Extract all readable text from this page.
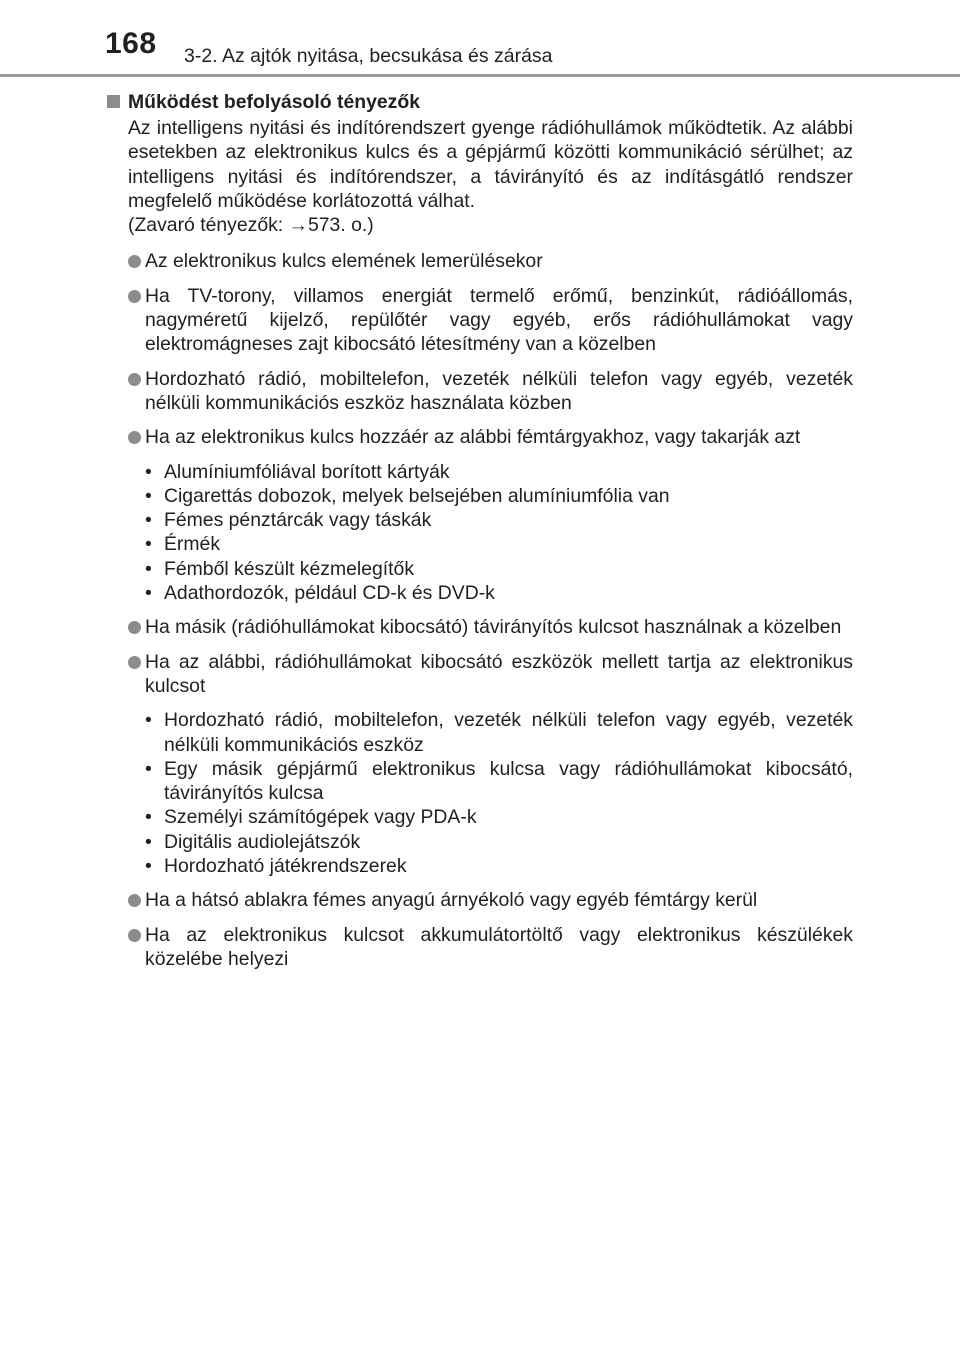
168 3-2. Az ajtók nyitása, becsukása és zárása
Működést befolyásoló tényezők

Az intelligens nyitási és indítórendszert gyenge rádióhullámok működtetik. Az alábbi esetekben az elektronikus kulcs és a gépjármű közötti kommunikáció sérülhet; az intelligens nyitási és indítórendszer, a távirányító és az indításgátló rendszer megfelelő működése korlátozottá válhat.

(Zavaró tényezők: →573. o.)

Az elektronikus kulcs elemének lemerülésekor
Ha TV-torony, villamos energiát termelő erőmű, benzinkút, rádióállomás, nagyméretű kijelző, repülőtér vagy egyéb, erős rádióhullámokat vagy elektromágneses zajt kibocsátó létesítmény van a közelben
Hordozható rádió, mobiltelefon, vezeték nélküli telefon vagy egyéb, vezeték nélküli kommunikációs eszköz használata közben
Ha az elektronikus kulcs hozzáér az alábbi fémtárgyakhoz, vagy takarják azt
• Alumíniumfóliával borított kártyák
• Cigarettás dobozok, melyek belsejében alumíniumfólia van
• Fémes pénztárcák vagy táskák
• Érmék
• Fémből készült kézmelegítők
• Adathordozók, például CD-k és DVD-k
Ha másik (rádióhullámokat kibocsátó) távirányítós kulcsot használnak a közelben
Ha az alábbi, rádióhullámokat kibocsátó eszközök mellett tartja az elektronikus kulcsot
• Hordozható rádió, mobiltelefon, vezeték nélküli telefon vagy egyéb, vezeték nélküli kommunikációs eszköz
• Egy másik gépjármű elektronikus kulcsa vagy rádióhullámokat kibocsátó, távirányítós kulcsa
• Személyi számítógépek vagy PDA-k
• Digitális audiolejátszók
• Hordozható játékrendszerek
Ha a hátsó ablakra fémes anyagú árnyékoló vagy egyéb fémtárgy kerül
Ha az elektronikus kulcsot akkumulátortöltő vagy elektronikus készülékek közelébe helyezi
